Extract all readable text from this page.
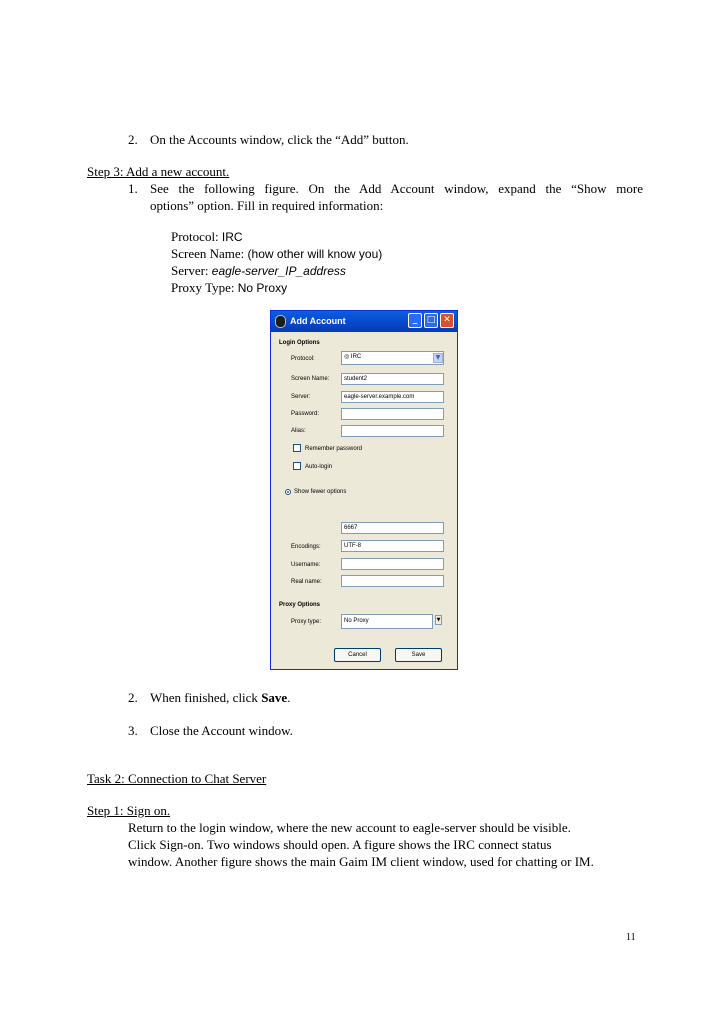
2. On the Accounts window, click the “Add” button.
Step 3: Add a new account.
1. See the following figure. On the Add Account window, expand the “Show more
options” option. Fill in required information:
Protocol: IRC
Screen Name: (how other will know you)
Server: eagle-server_IP_address
Proxy Type: No Proxy
Add Account	_	□ ✕
Login Options
Protocol:	◎ IRC	▼
Screen Name:	student2
Server:	eagle-server.example.com
Password:
Alias:
Remember password
Auto-login
Show fewer options
6667
Encodings:	UTF-8
Username:
Real name:
Proxy Options
Proxy type:	No Proxy	▼
Cancel	Save
2. When finished, click Save.
3. Close the Account window.
Task 2: Connection to Chat Server
Step 1: Sign on.
Return to the login window, where the new account to eagle-server should be visible.
Click Sign-on. Two windows should open. A figure shows the IRC connect status
window. Another figure shows the main Gaim IM client window, used for chatting or IM.
11
